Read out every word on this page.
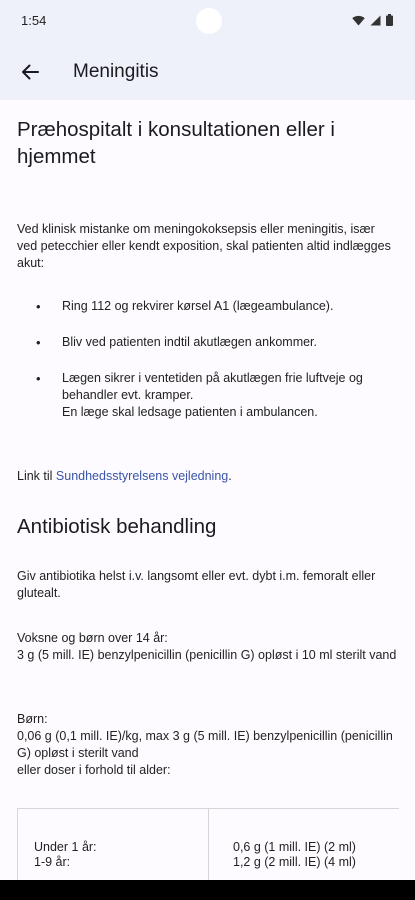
1:54
Meningitis
Præhospitalt i konsultationen eller i hjemmet
Ved klinisk mistanke om meningokoksepsis eller meningitis, især ved petecchier eller kendt exposition, skal patienten altid indlægges akut:
• Ring 112 og rekvirer kørsel A1 (lægeambulance).
• Bliv ved patienten indtil akutlægen ankommer.
• Lægen sikrer i ventetiden på akutlægen frie luftveje og behandler evt. kramper.
En læge skal ledsage patienten i ambulancen.
Link til Sundhedsstyrelsens vejledning.
Antibiotisk behandling
Giv antibiotika helst i.v. langsomt eller evt. dybt i.m. femoralt eller glutealt.
Voksne og børn over 14 år:
3 g (5 mill. IE) benzylpenicillin (penicillin G) opløst i 10 ml sterilt vand
Børn:
0,06 g (0,1 mill. IE)/kg, max 3 g (5 mill. IE) benzylpenicillin (penicillin G) opløst i sterilt vand
eller doser i forhold til alder:
Under 1 år:
1-9 år:
0,6 g (1 mill. IE) (2 ml)
1,2 g (2 mill. IE) (4 ml)
